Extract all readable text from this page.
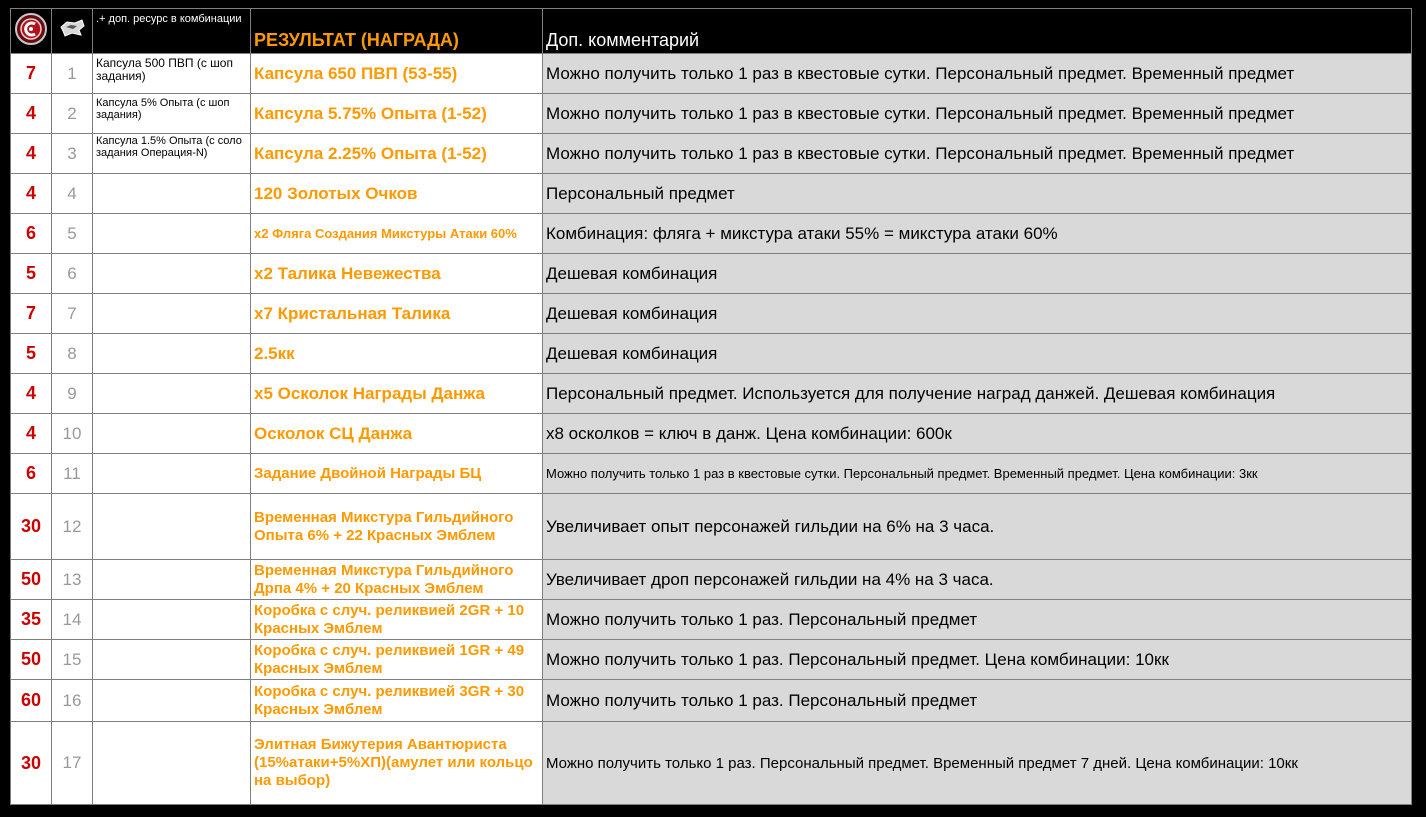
		.+ доп. ресурс в комбинации	РЕЗУЛЬТАТ (НАГРАДА)	Доп. комментарий
7	1	Капсула 500 ПВП (с шоп задания)	Капсула 650 ПВП (53-55)	Можно получить только 1 раз в квестовые сутки. Персональный предмет. Временный предмет
4	2	Капсула 5% Опыта (с шоп задания)	Капсула 5.75% Опыта (1-52)	Можно получить только 1 раз в квестовые сутки. Персональный предмет. Временный предмет
4	3	Капсула 1.5% Опыта (с соло задания Операция-N)	Капсула 2.25% Опыта (1-52)	Можно получить только 1 раз в квестовые сутки. Персональный предмет. Временный предмет
4	4		120 Золотых Очков	Персональный предмет
6	5		x2 Фляга Создания Микстуры Атаки 60%	Комбинация: фляга + микстура атаки 55% = микстура атаки 60%
5	6		x2 Талика Невежества	Дешевая комбинация
7	7		x7 Кристальная Талика	Дешевая комбинация
5	8		2.5кк	Дешевая комбинация
4	9		x5 Осколок Награды Данжа	Персональный предмет. Используется для получение наград данжей. Дешевая комбинация
4	10		Осколок СЦ Данжа	x8 осколков = ключ в данж. Цена комбинации: 600к
6	11		Задание Двойной Награды БЦ	Можно получить только 1 раз в квестовые сутки. Персональный предмет. Временный предмет. Цена комбинации: 3кк
30	12		Временная Микстура Гильдийного Опыта 6% + 22 Красных Эмблем	Увеличивает опыт персонажей гильдии на 6% на 3 часа.
50	13		Временная Микстура Гильдийного Дрпа 4% + 20 Красных Эмблем	Увеличивает дроп персонажей гильдии на 4% на 3 часа.
35	14		Коробка с случ. реликвией 2GR + 10 Красных Эмблем	Можно получить только 1 раз. Персональный предмет
50	15		Коробка с случ. реликвией 1GR + 49 Красных Эмблем	Можно получить только 1 раз. Персональный предмет. Цена комбинации: 10кк
60	16		Коробка с случ. реликвией 3GR + 30 Красных Эмблем	Можно получить только 1 раз. Персональный предмет
30	17		Элитная Бижутерия Авантюриста (15%атаки+5%ХП)(амулет или кольцо на выбор)	Можно получить только 1 раз. Персональный предмет. Временный предмет 7 дней. Цена комбинации: 10кк
